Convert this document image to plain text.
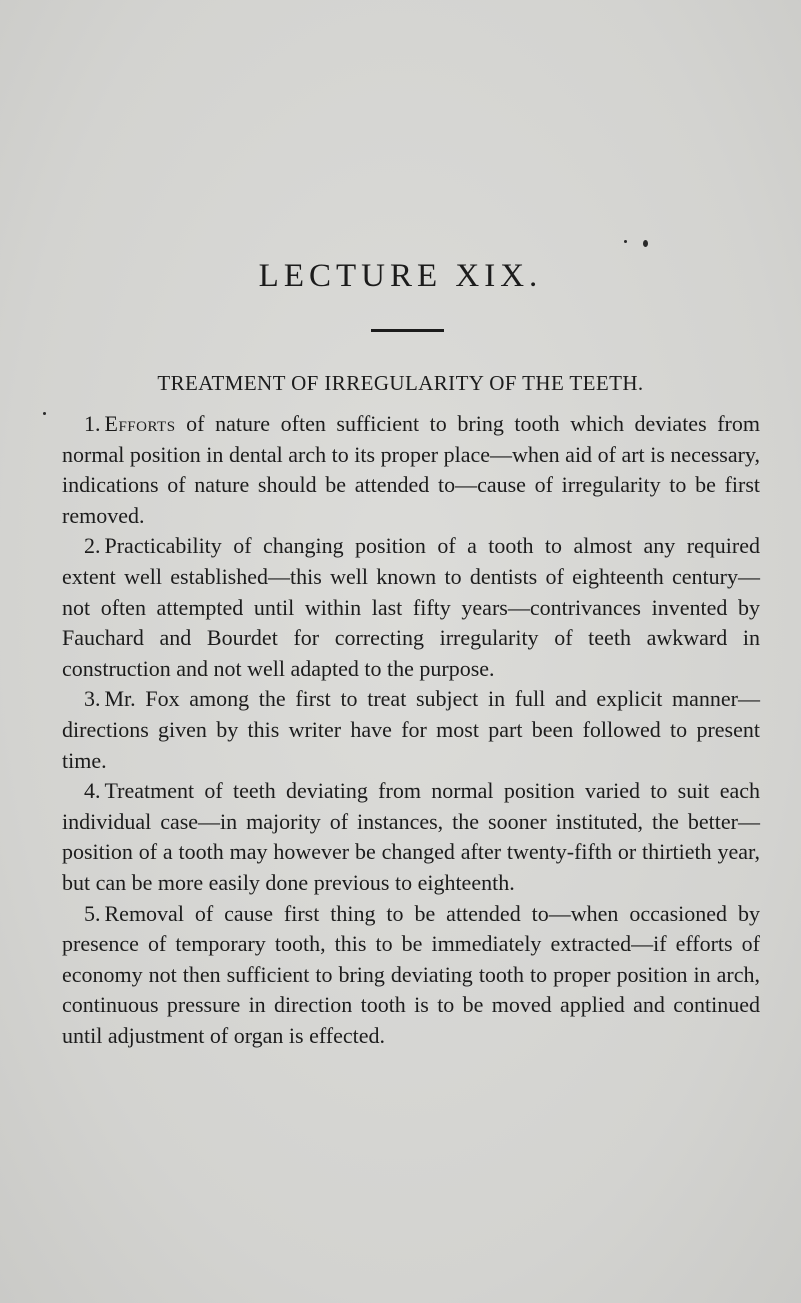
LECTURE XIX.
TREATMENT OF IRREGULARITY OF THE TEETH.

1. Efforts of nature often sufficient to bring tooth which deviates from normal position in dental arch to its proper place—when aid of art is necessary, indications of nature should be attended to—cause of irregularity to be first removed.

2. Practicability of changing position of a tooth to almost any required extent well established—this well known to dentists of eighteenth century—not often attempted until within last fifty years—contrivances invented by Fauchard and Bourdet for correcting irregularity of teeth awkward in construction and not well adapted to the purpose.

3. Mr. Fox among the first to treat subject in full and explicit manner—directions given by this writer have for most part been followed to present time.

4. Treatment of teeth deviating from normal position varied to suit each individual case—in majority of instances, the sooner instituted, the better—position of a tooth may however be changed after twenty-fifth or thirtieth year, but can be more easily done previous to eighteenth.

5. Removal of cause first thing to be attended to—when occasioned by presence of temporary tooth, this to be immediately extracted—if efforts of economy not then sufficient to bring deviating tooth to proper position in arch, continuous pressure in direction tooth is to be moved applied and continued until adjustment of organ is effected.
